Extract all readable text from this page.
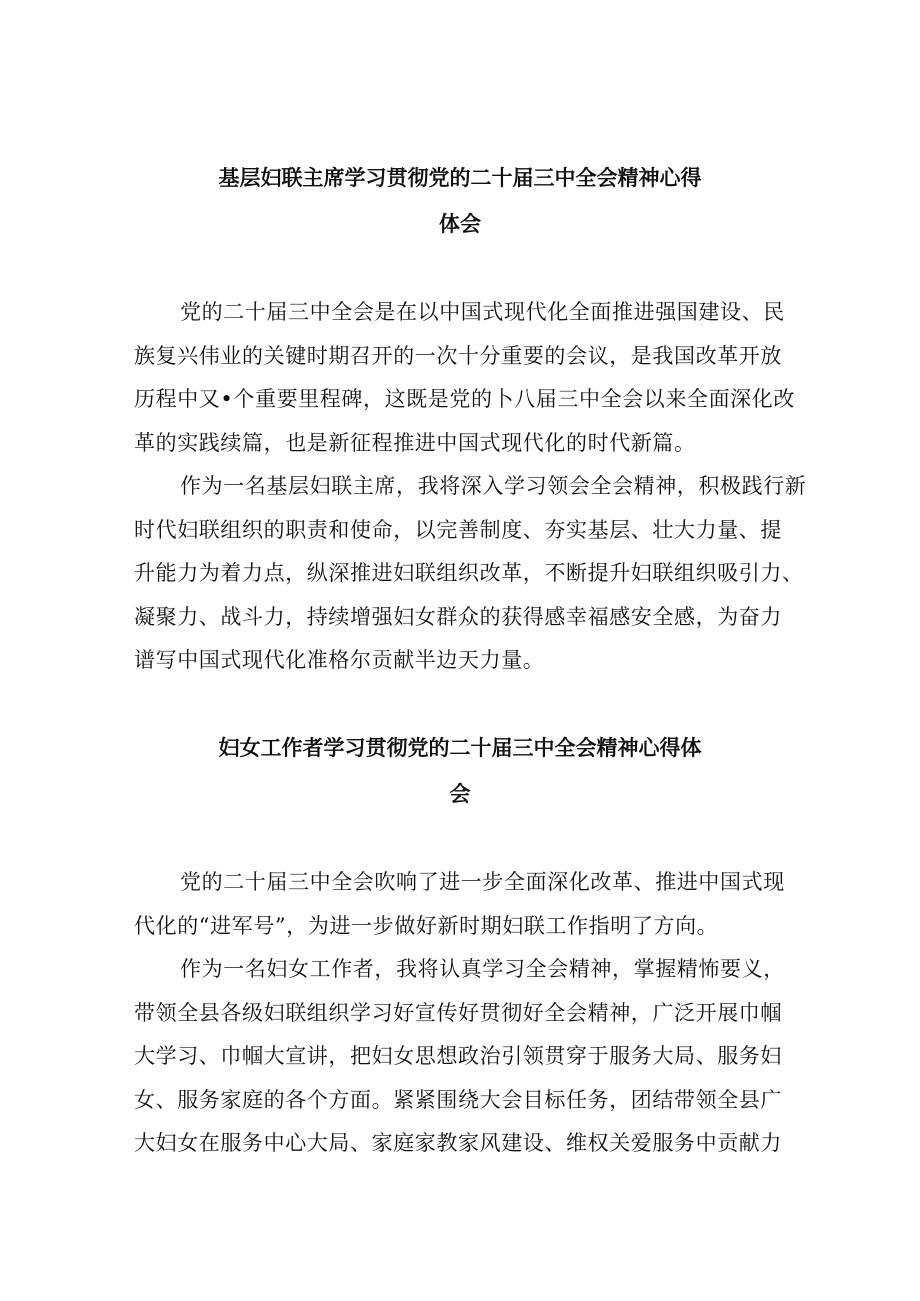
基层妇联主席学习贯彻党的二十届三中全会精神心得
体会

党的二十届三中全会是在以中国式现代化全面推进强国建设、民
族复兴伟业的关键时期召开的一次十分重要的会议，是我国改革开放
历程中又•个重要里程碑，这既是党的卜八届三中全会以来全面深化改
革的实践续篇，也是新征程推进中国式现代化的时代新篇。

作为一名基层妇联主席，我将深入学习领会全会精神，积极践行新
时代妇联组织的职责和使命，以完善制度、夯实基层、壮大力量、提
升能力为着力点，纵深推进妇联组织改革，不断提升妇联组织吸引力、
凝聚力、战斗力，持续增强妇女群众的获得感幸福感安全感，为奋力
谱写中国式现代化准格尔贡献半边天力量。

妇女工作者学习贯彻党的二十届三中全会精神心得体
会

党的二十届三中全会吹响了进一步全面深化改革、推进中国式现
代化的“进军号”，为进一步做好新时期妇联工作指明了方向。

作为一名妇女工作者，我将认真学习全会精神，掌握精怖要义，
带领全县各级妇联组织学习好宣传好贯彻好全会精神，广泛开展巾帼
大学习、巾帼大宣讲，把妇女思想政治引领贯穿于服务大局、服务妇
女、服务家庭的各个方面。紧紧围绕大会目标任务，团结带领全县广
大妇女在服务中心大局、家庭家教家风建设、维权关爱服务中贡献力
